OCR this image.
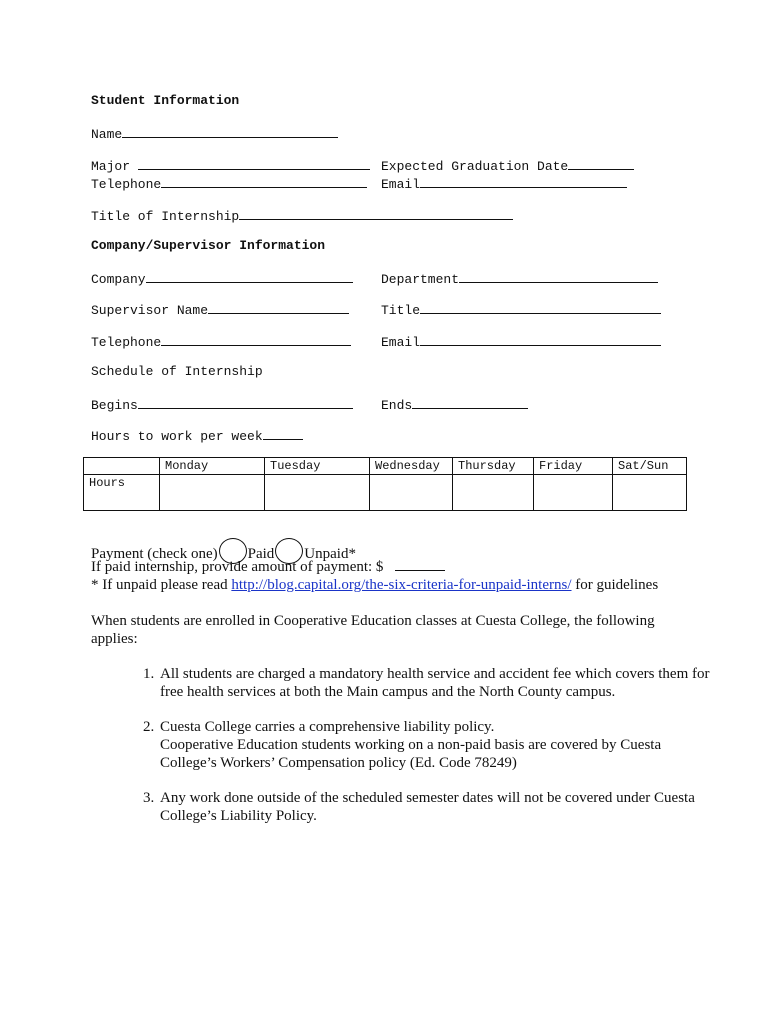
Student Information
Name
Major	Expected Graduation Date
Telephone	Email
Title of Internship
Company/Supervisor Information
Company	Department
Supervisor Name	Title
Telephone	Email
Schedule of Internship
Begins	Ends
Hours to work per week
	Monday	Tuesday	Wednesday	Thursday	Friday	Sat/Sun
Hours						
Payment (check one) Paid Unpaid*
If paid internship, provide amount of payment: $
* If unpaid please read http://blog.capital.org/the-six-criteria-for-unpaid-interns/ for guidelines
When students are enrolled in Cooperative Education classes at Cuesta College, the following applies:
1. All students are charged a mandatory health service and accident fee which covers them for free health services at both the Main campus and the North County campus.
2. Cuesta College carries a comprehensive liability policy.
Cooperative Education students working on a non-paid basis are covered by Cuesta College’s Workers’ Compensation policy (Ed. Code 78249)
3. Any work done outside of the scheduled semester dates will not be covered under Cuesta College’s Liability Policy.
